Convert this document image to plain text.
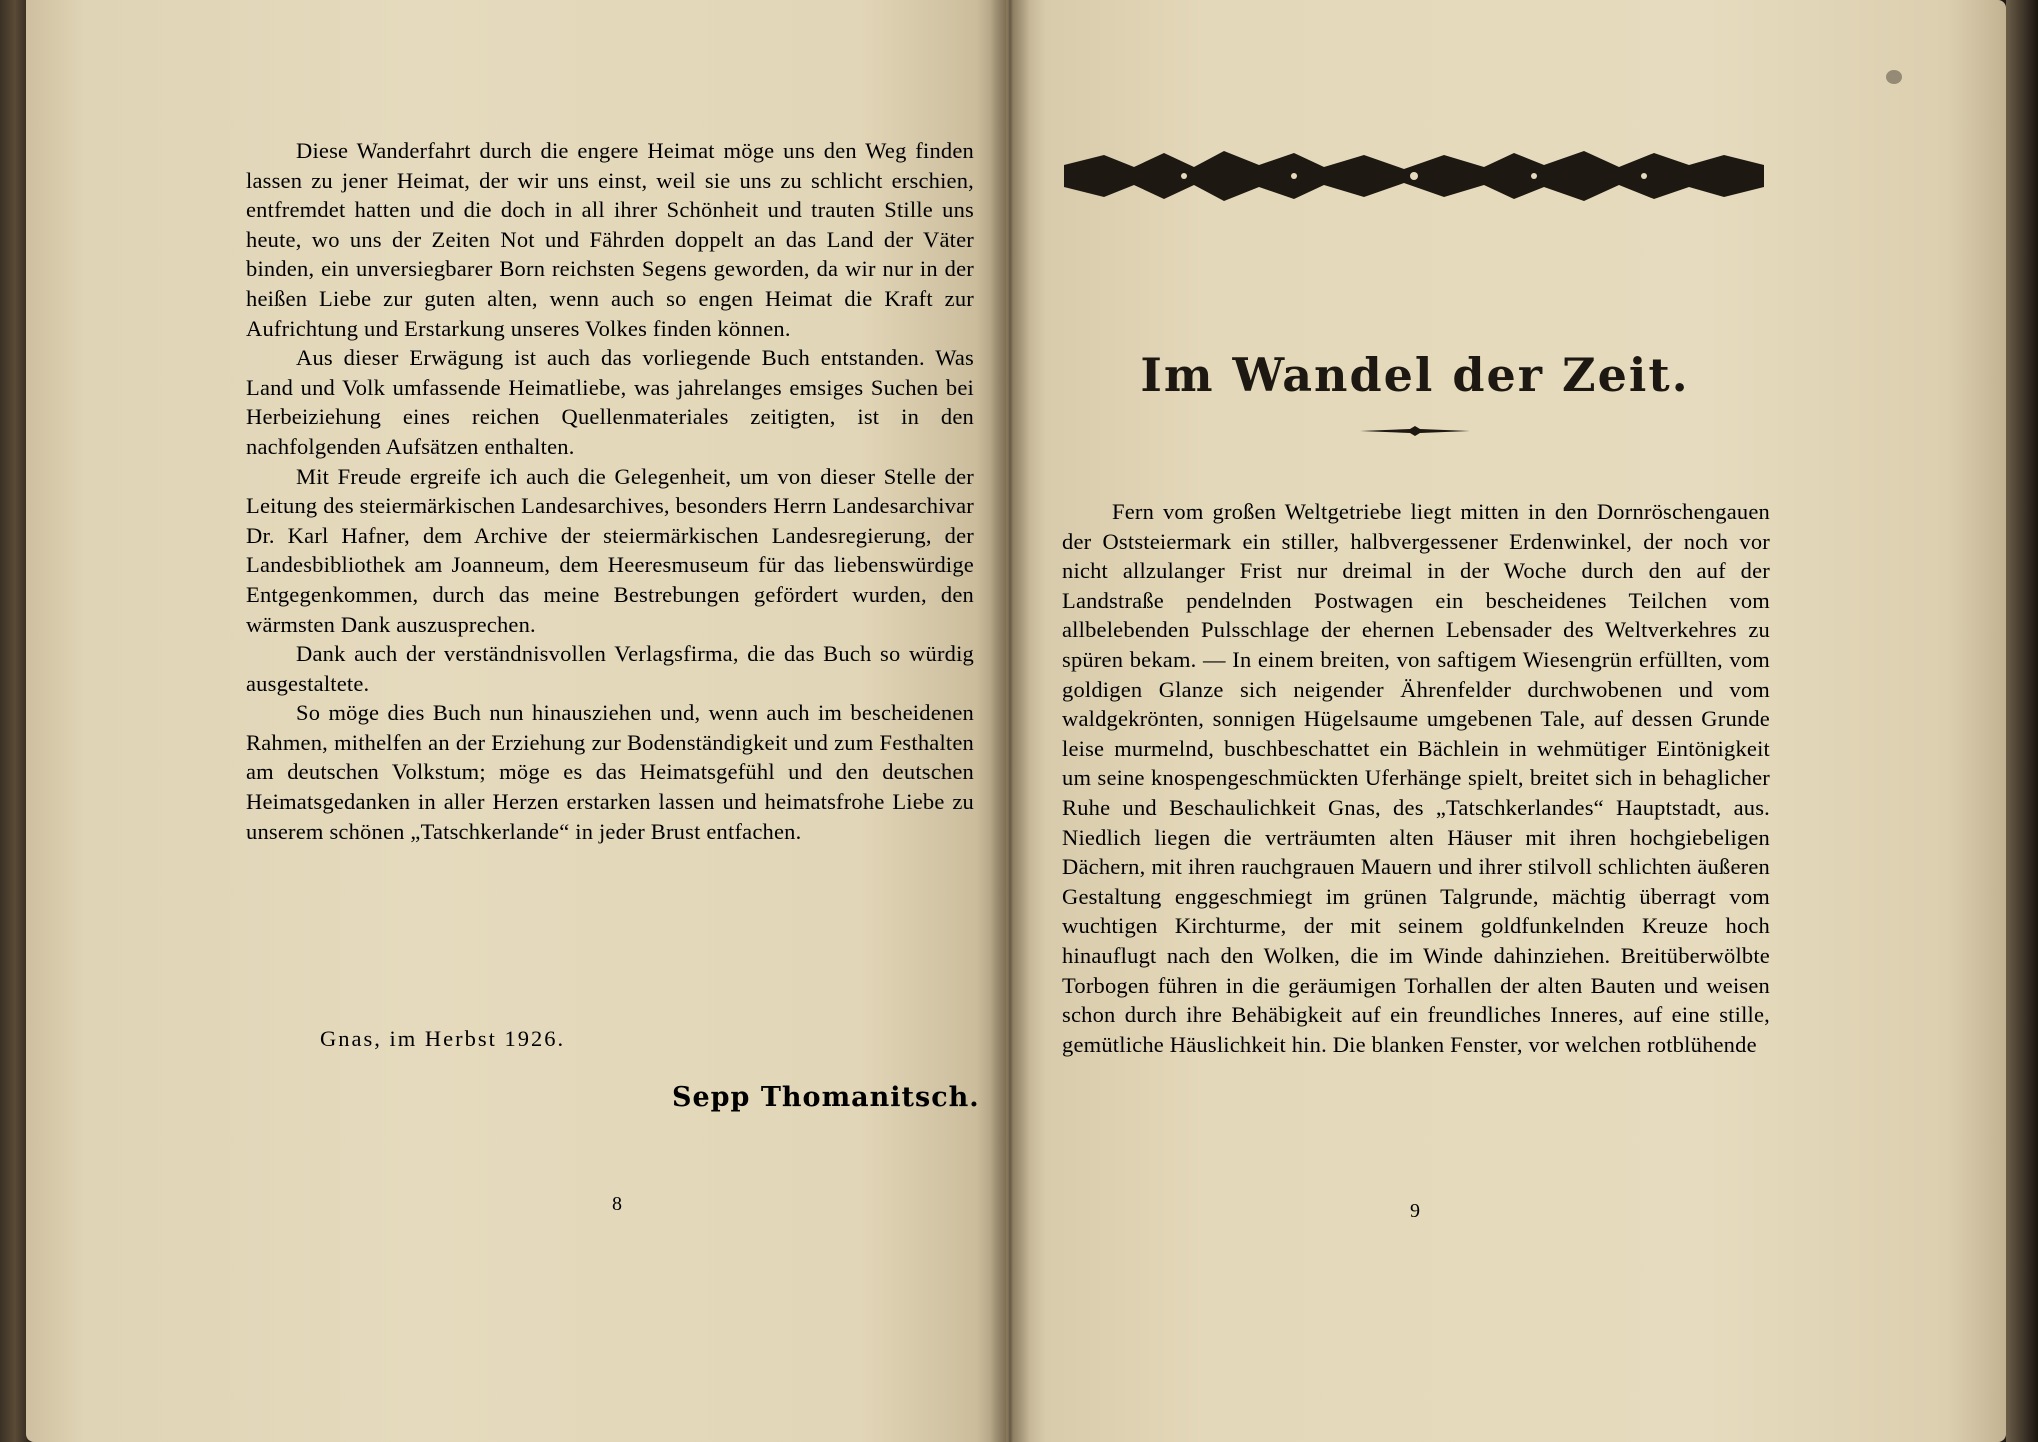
Diese Wanderfahrt durch die engere Heimat möge uns den Weg finden lassen zu jener Heimat, der wir uns einst, weil sie uns zu schlicht erschien, entfremdet hatten und die doch in all ihrer Schönheit und trauten Stille uns heute, wo uns der Zeiten Not und Fährden doppelt an das Land der Väter binden, ein unversiegbarer Born reichsten Segens geworden, da wir nur in der heißen Liebe zur guten alten, wenn auch so engen Heimat die Kraft zur Aufrichtung und Erstarkung unseres Volkes finden können.

Aus dieser Erwägung ist auch das vorliegende Buch entstanden. Was Land und Volk umfassende Heimatliebe, was jahrelanges emsiges Suchen bei Herbeiziehung eines reichen Quellenmateriales zeitigten, ist in den nachfolgenden Aufsätzen enthalten.

Mit Freude ergreife ich auch die Gelegenheit, um von dieser Stelle der Leitung des steiermärkischen Landesarchives, besonders Herrn Landesarchivar Dr. Karl Hafner, dem Archive der steiermärkischen Landesregierung, der Landesbibliothek am Joanneum, dem Heeresmuseum für das liebenswürdige Entgegenkommen, durch das meine Bestrebungen gefördert wurden, den wärmsten Dank auszusprechen.

Dank auch der verständnisvollen Verlagsfirma, die das Buch so würdig ausgestaltete.

So möge dies Buch nun hinausziehen und, wenn auch im bescheidenen Rahmen, mithelfen an der Erziehung zur Bodenständigkeit und zum Festhalten am deutschen Volkstum; möge es das Heimatsgefühl und den deutschen Heimatsgedanken in aller Herzen erstarken lassen und heimatsfrohe Liebe zu unserem schönen „Tatschkerlande“ in jeder Brust entfachen.

Gnas, im Herbst 1926.
Sepp Thomanitsch.
8
Im Wandel der Zeit.

Fern vom großen Weltgetriebe liegt mitten in den Dornröschengauen der Oststeiermark ein stiller, halbvergessener Erdenwinkel, der noch vor nicht allzulanger Frist nur dreimal in der Woche durch den auf der Landstraße pendelnden Postwagen ein bescheidenes Teilchen vom allbelebenden Pulsschlage der ehernen Lebensader des Weltverkehres zu spüren bekam. — In einem breiten, von saftigem Wiesengrün erfüllten, vom goldigen Glanze sich neigender Ährenfelder durchwobenen und vom waldgekrönten, sonnigen Hügelsaume umgebenen Tale, auf dessen Grunde leise murmelnd, buschbeschattet ein Bächlein in wehmütiger Eintönigkeit um seine knospengeschmückten Uferhänge spielt, breitet sich in behaglicher Ruhe und Beschaulichkeit Gnas, des „Tatschkerlandes“ Hauptstadt, aus. Niedlich liegen die verträumten alten Häuser mit ihren hochgiebeligen Dächern, mit ihren rauchgrauen Mauern und ihrer stilvoll schlichten äußeren Gestaltung enggeschmiegt im grünen Talgrunde, mächtig überragt vom wuchtigen Kirchturme, der mit seinem goldfunkelnden Kreuze hoch hinauflugt nach den Wolken, die im Winde dahinziehen. Breitüberwölbte Torbogen führen in die geräumigen Torhallen der alten Bauten und weisen schon durch ihre Behäbigkeit auf ein freundliches Inneres, auf eine stille, gemütliche Häuslichkeit hin. Die blanken Fenster, vor welchen rotblühende

9
